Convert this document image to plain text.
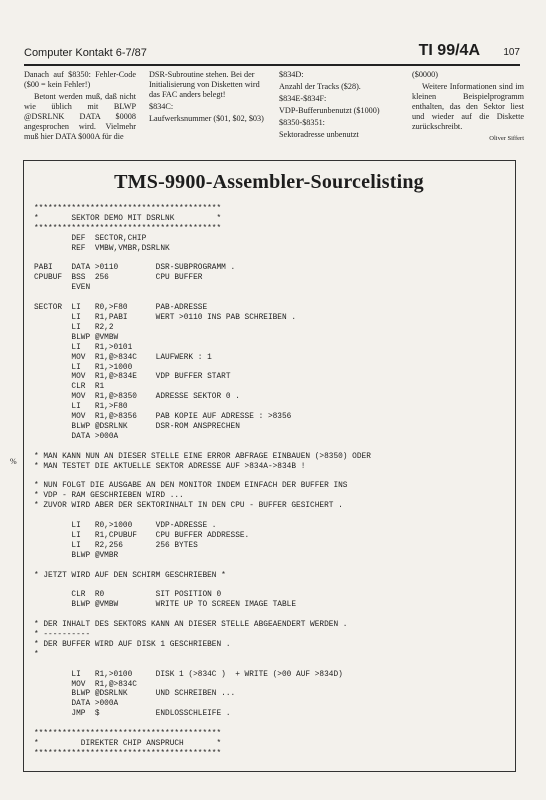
Computer Kontakt 6-7/87	TI 99/4A 107

Danach auf $8350: Fehler-Code ($00 = kein Fehler!)

Betont werden muß, daß nicht wie üblich mit BLWP @DSRLNK DATA $0008 angesprochen wird. Vielmehr muß hier DATA $000A für die

DSR-Subroutine stehen. Bei der Initialisierung von Disketten wird das FAC anders belegt!

$834C:

Laufwerksnummer ($01, $02, $03)

$834D:

Anzahl der Tracks ($28).

$834E-$834F:

VDP-Bufferunbenutzt ($1000)

$8350-$8351:

Sektoradresse unbenutzt

($0000)

Weitere Informationen sind im kleinen Beispielprogramm enthalten, das den Sektor liest und wieder auf die Diskette zurückschreibt.

Oliver Siffert
TMS-9900-Assembler-Sourcelisting
%
****************************************
*       SEKTOR DEMO MIT DSRLNK         *
****************************************
DEF  SECTOR,CHIP
REF  VMBW,VMBR,DSRLNK

PABI    DATA >0110        DSR-SUBPROGRAMM .
CPUBUF  BSS  256          CPU BUFFER
EVEN

SECTOR  LI   R0,>F80      PAB-ADRESSE
LI   R1,PABI      WERT >0110 INS PAB SCHREIBEN .
LI   R2,2
BLWP @VMBW
LI   R1,>0101
MOV  R1,@>834C    LAUFWERK : 1
LI   R1,>1000
MOV  R1,@>834E    VDP BUFFER START
CLR  R1
MOV  R1,@>8350    ADRESSE SEKTOR 0 .
LI   R1,>F80
MOV  R1,@>8356    PAB KOPIE AUF ADRESSE : >8356
BLWP @DSRLNK      DSR-ROM ANSPRECHEN
DATA >000A

* MAN KANN NUN AN DIESER STELLE EINE ERROR ABFRAGE EINBAUEN (>8350) ODER
* MAN TESTET DIE AKTUELLE SEKTOR ADRESSE AUF >834A->834B !

* NUN FOLGT DIE AUSGABE AN DEN MONITOR INDEM EINFACH DER BUFFER INS
* VDP - RAM GESCHRIEBEN WIRD ...
* ZUVOR WIRD ABER DER SEKTORINHALT IN DEN CPU - BUFFER GESICHERT .

LI   R0,>1000     VDP-ADRESSE .
LI   R1,CPUBUF    CPU BUFFER ADDRESSE.
LI   R2,256       256 BYTES
BLWP @VMBR

* JETZT WIRD AUF DEN SCHIRM GESCHRIEBEN *

CLR  R0           SIT POSITION 0
BLWP @VMBW        WRITE UP TO SCREEN IMAGE TABLE

* DER INHALT DES SEKTORS KANN AN DIESER STELLE ABGEAENDERT WERDEN .
* ----------
* DER BUFFER WIRD AUF DISK 1 GESCHRIEBEN .
*

LI   R1,>0100     DISK 1 (>834C )  + WRITE (>00 AUF >834D)
MOV  R1,@>834C
BLWP @DSRLNK      UND SCHREIBEN ...
DATA >000A
JMP  $            ENDLOSSCHLEIFE .

****************************************
*         DIREKTER CHIP ANSPRUCH       *
****************************************
